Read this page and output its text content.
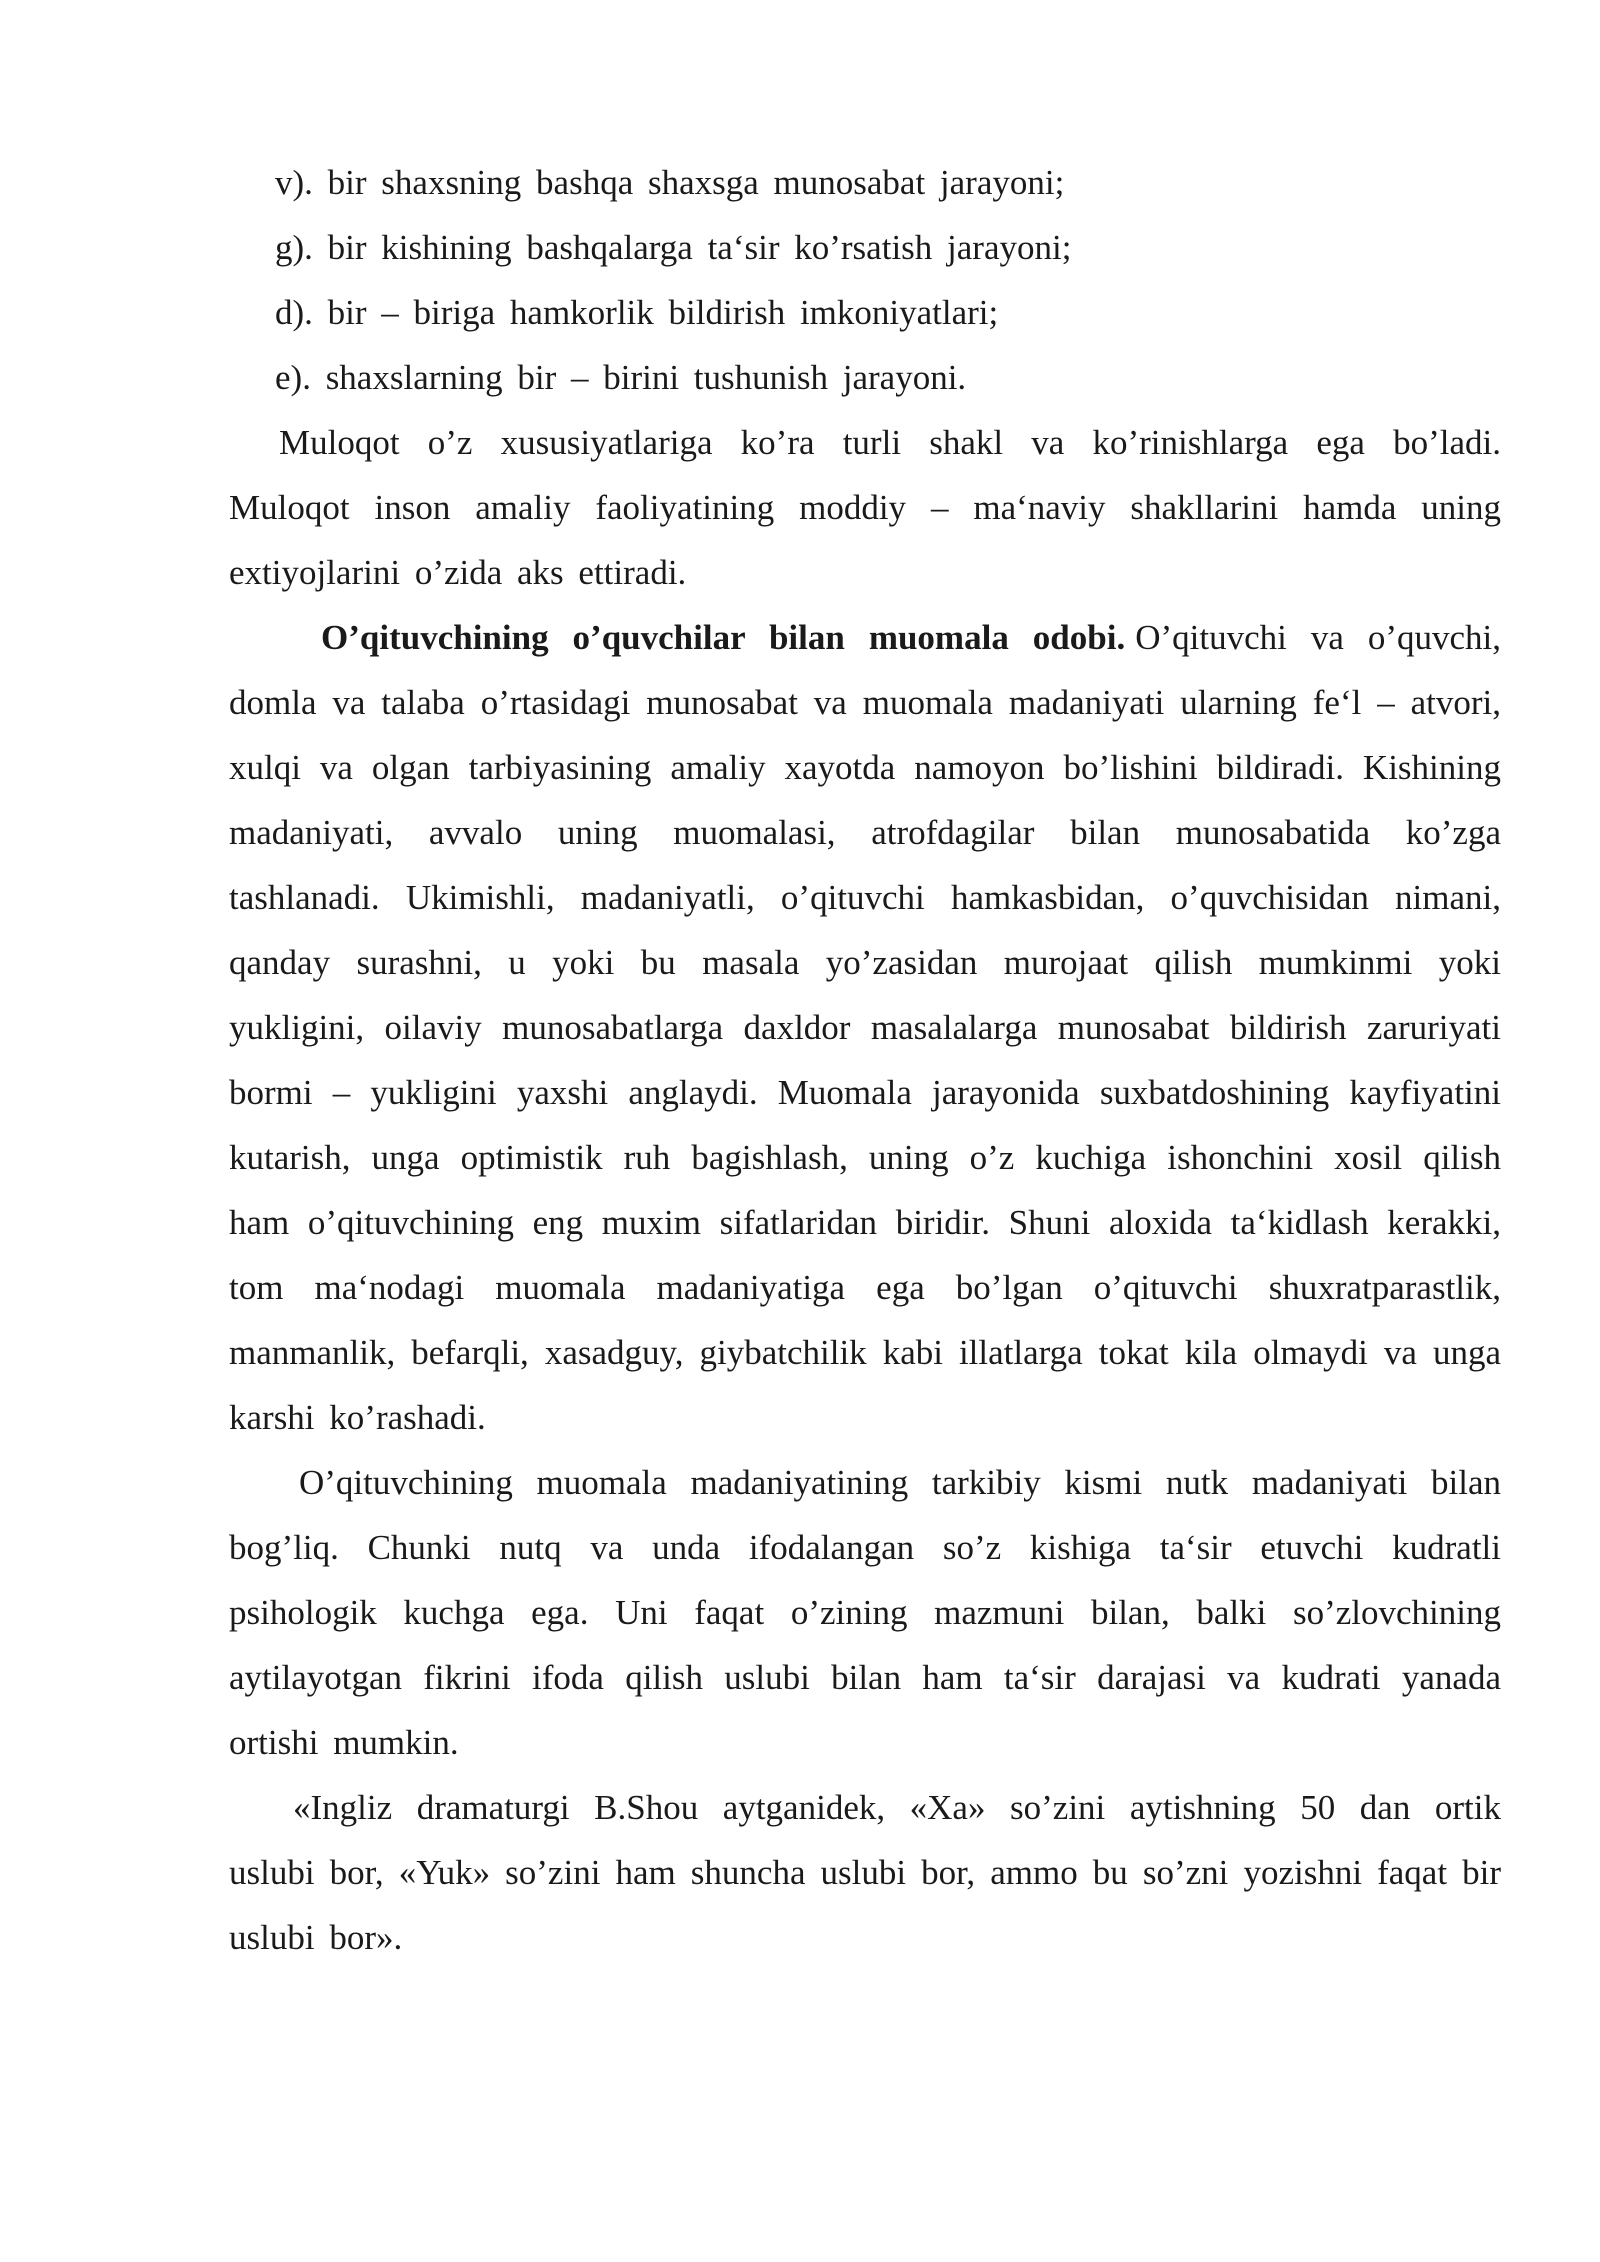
v). bir shaxsning bashqa shaxsga munosabat jarayoni;

g). bir kishining bashqalarga ta‘sir ko’rsatish jarayoni;

d). bir – biriga hamkorlik bildirish imkoniyatlari;

e). shaxslarning bir – birini tushunish jarayoni.

Muloqot o’z xususiyatlariga ko’ra turli shakl va ko’rinishlarga ega bo’ladi. Muloqot inson amaliy faoliyatining moddiy – ma‘naviy shakllarini hamda uning extiyojlarini o’zida aks ettiradi.

O’qituvchining o’quvchilar bilan muomala odobi. O’qituvchi va o’quvchi, domla va talaba o’rtasidagi munosabat va muomala madaniyati ularning fe‘l – atvori, xulqi va olgan tarbiyasining amaliy xayotda namoyon bo’lishini bildiradi. Kishining madaniyati, avvalo uning muomalasi, atrofdagilar bilan munosabatida ko’zga tashlanadi. Ukimishli, madaniyatli, o’qituvchi hamkasbidan, o’quvchisidan nimani, qanday surashni, u yoki bu masala yo’zasidan murojaat qilish mumkinmi yoki yukligini, oilaviy munosabatlarga daxldor masalalarga munosabat bildirish zaruriyati bormi – yukligini yaxshi anglaydi. Muomala jarayonida suxbatdoshining kayfiyatini kutarish, unga optimistik ruh bagishlash, uning o’z kuchiga ishonchini xosil qilish ham o’qituvchining eng muxim sifatlaridan biridir. Shuni aloxida ta‘kidlash kerakki, tom ma‘nodagi muomala madaniyatiga ega bo’lgan o’qituvchi shuxratparastlik, manmanlik, befarqli, xasadguy, giybatchilik kabi illatlarga tokat kila olmaydi va unga karshi ko’rashadi.

O’qituvchining muomala madaniyatining tarkibiy kismi nutk madaniyati bilan bog’liq. Chunki nutq va unda ifodalangan so’z kishiga ta‘sir etuvchi kudratli psihologik kuchga ega. Uni faqat o’zining mazmuni bilan, balki so’zlovchining aytilayotgan fikrini ifoda qilish uslubi bilan ham ta‘sir darajasi va kudrati yanada ortishi mumkin.

«Ingliz dramaturgi B.Shou aytganidek, «Xa» so’zini aytishning 50 dan ortik uslubi bor, «Yuk» so’zini ham shuncha uslubi bor, ammo bu so’zni yozishni faqat bir uslubi bor».
